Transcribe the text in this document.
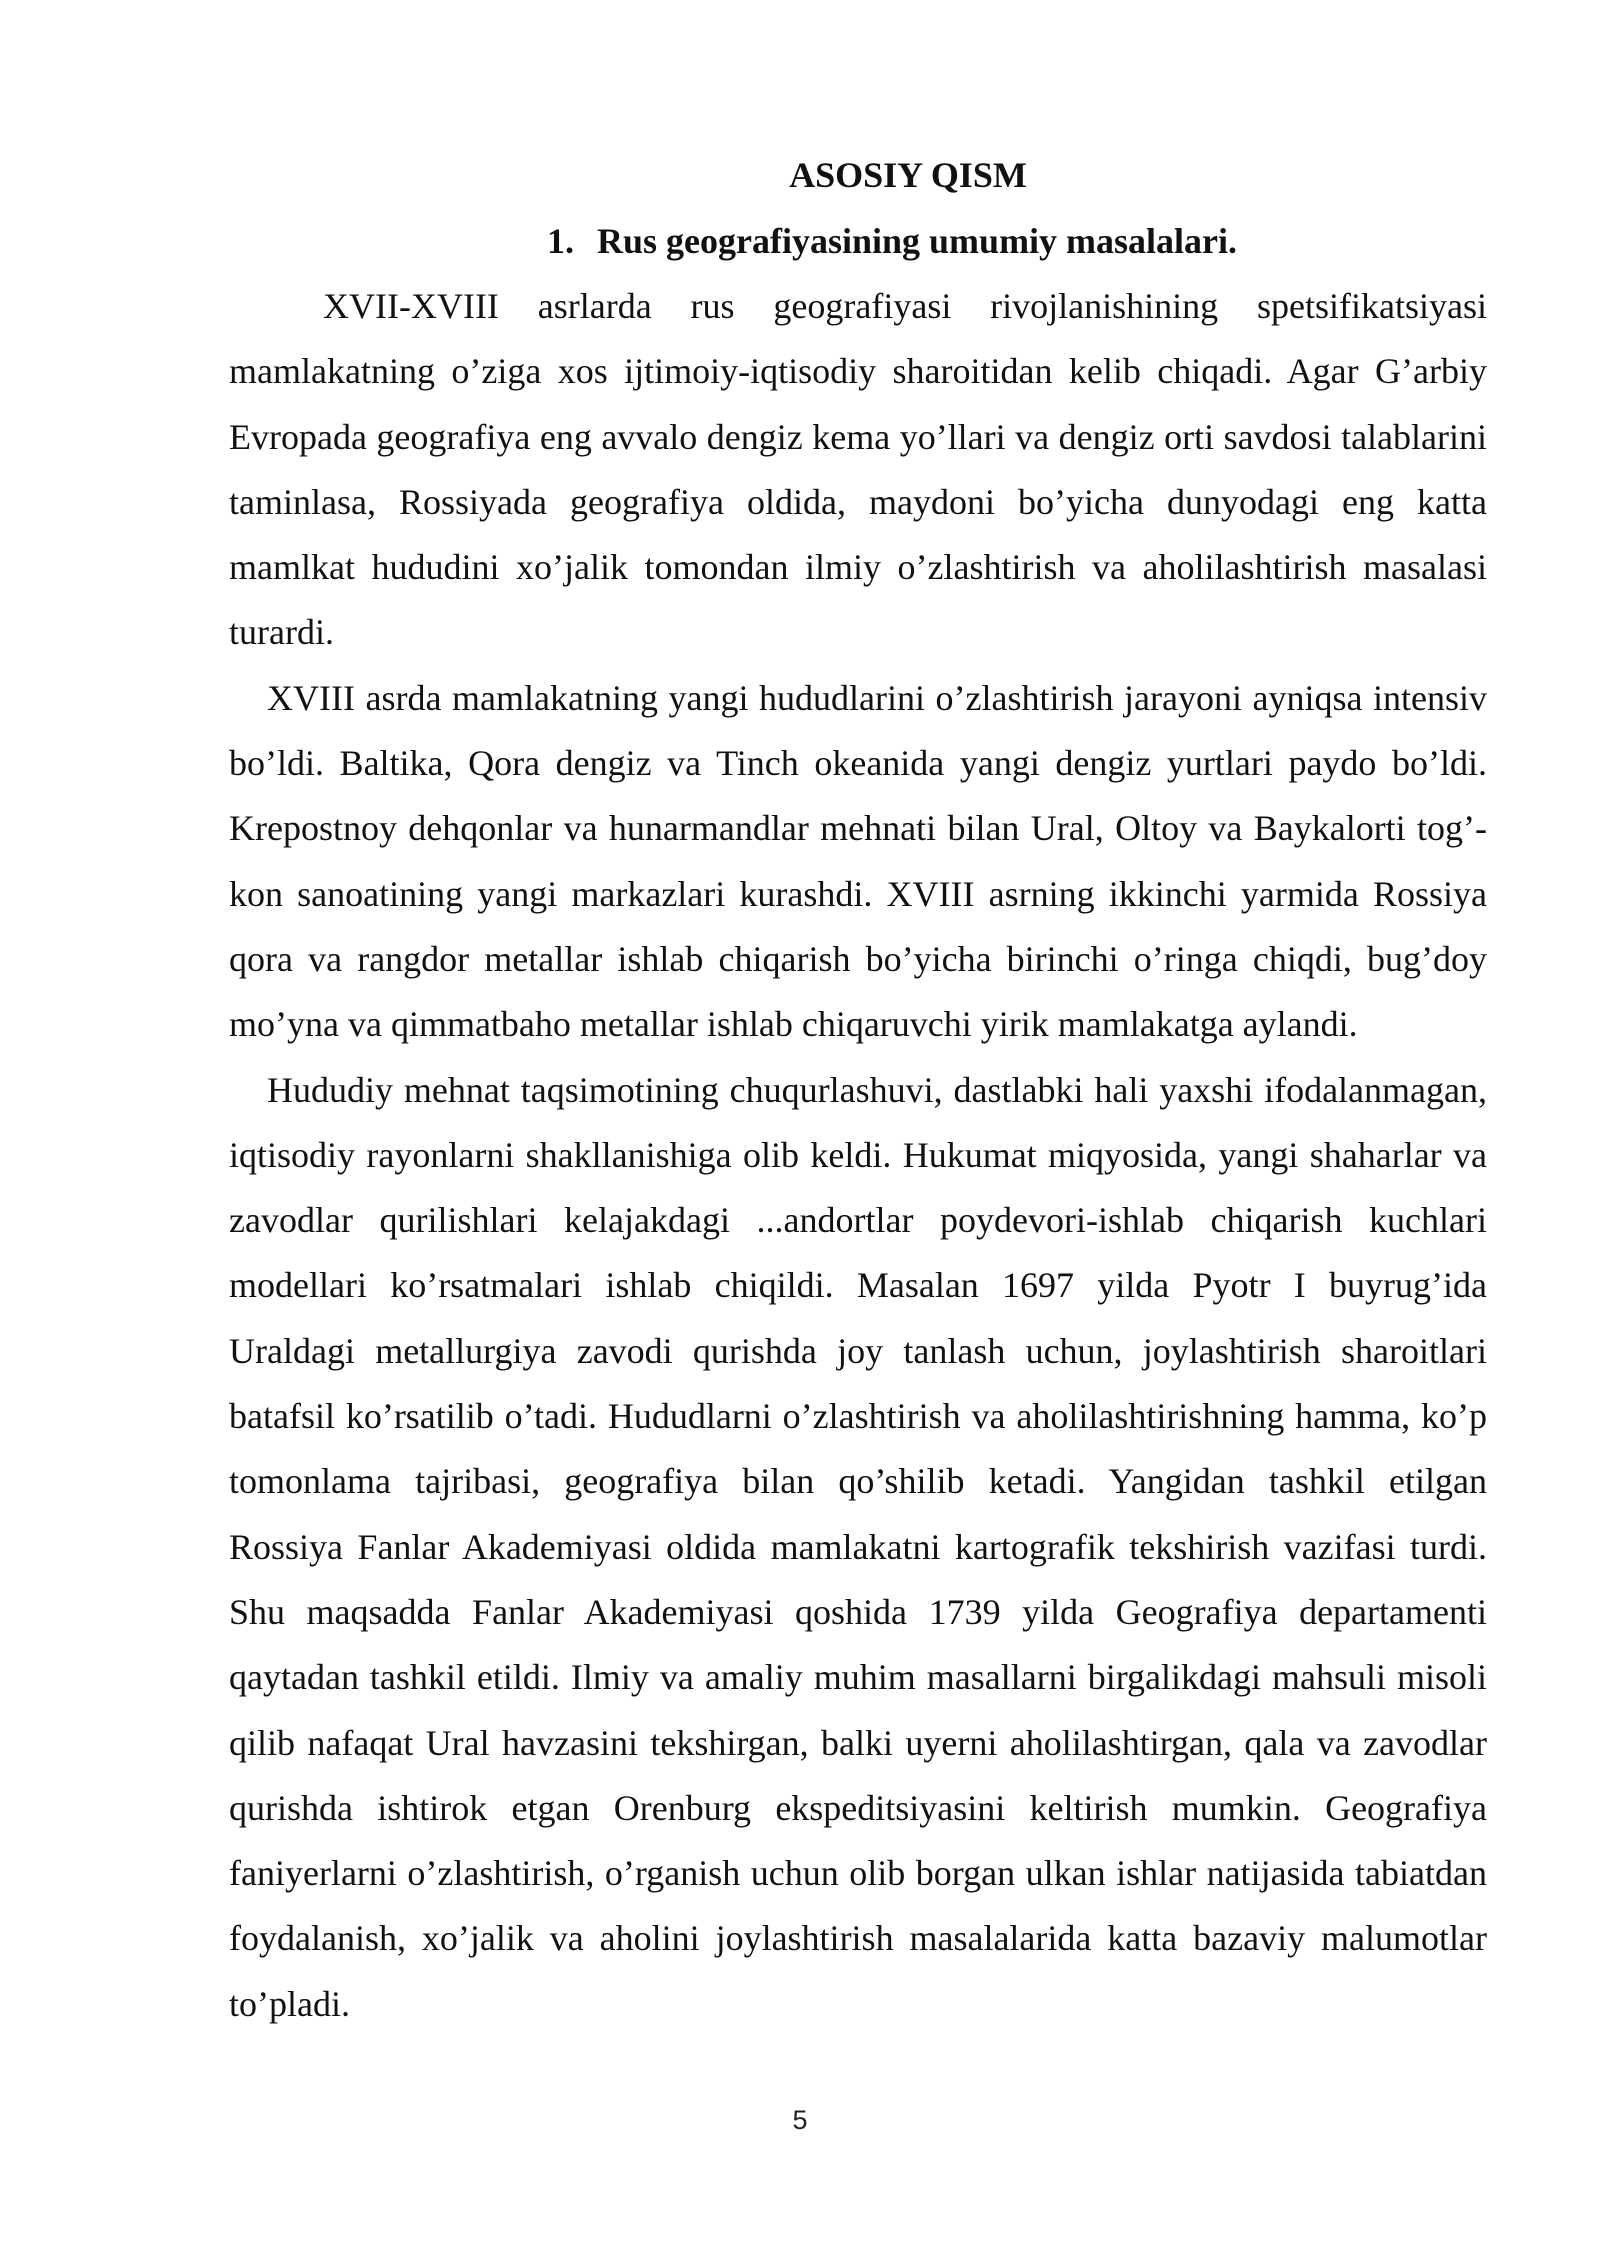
ASOSIY QISM
1. Rus geografiyasining umumiy masalalari.

XVII-XVIII asrlarda rus geografiyasi rivojlanishining spetsifikatsiyasi mamlakatning o’ziga xos ijtimoiy-iqtisodiy sharoitidan kelib chiqadi. Agar G’arbiy Evropada geografiya eng avvalo dengiz kema yo’llari va dengiz orti savdosi talablarini taminlasa, Rossiyada geografiya oldida, maydoni bo’yicha dunyodagi eng katta mamlkat hududini xo’jalik tomondan ilmiy o’zlashtirish va aholilashtirish masalasi turardi.

XVIII asrda mamlakatning yangi hududlarini o’zlashtirish jarayoni ayniqsa intensiv bo’ldi. Baltika, Qora dengiz va Tinch okeanida yangi dengiz yurtlari paydo bo’ldi. Krepostnoy dehqonlar va hunarmandlar mehnati bilan Ural, Oltoy va Baykalorti tog’-kon sanoatining yangi markazlari kurashdi. XVIII asrning ikkinchi yarmida Rossiya qora va rangdor metallar ishlab chiqarish bo’yicha birinchi o’ringa chiqdi, bug’doy mo’yna va qimmatbaho metallar ishlab chiqaruvchi yirik mamlakatga aylandi.

Hududiy mehnat taqsimotining chuqurlashuvi, dastlabki hali yaxshi ifodalanmagan, iqtisodiy rayonlarni shakllanishiga olib keldi. Hukumat miqyosida, yangi shaharlar va zavodlar qurilishlari kelajakdagi ...andortlar poydevori-ishlab chiqarish kuchlari modellari ko’rsatmalari ishlab chiqildi. Masalan 1697 yilda Pyotr I buyrug’ida Uraldagi metallurgiya zavodi qurishda joy tanlash uchun, joylashtirish sharoitlari batafsil ko’rsatilib o’tadi. Hududlarni o’zlashtirish va aholilashtirishning hamma, ko’p tomonlama tajribasi, geografiya bilan qo’shilib ketadi. Yangidan tashkil etilgan Rossiya Fanlar Akademiyasi oldida mamlakatni kartografik tekshirish vazifasi turdi. Shu maqsadda Fanlar Akademiyasi qoshida 1739 yilda Geografiya departamenti qaytadan tashkil etildi. Ilmiy va amaliy muhim masallarni birgalikdagi mahsuli misoli qilib nafaqat Ural havzasini tekshirgan, balki uyerni aholilashtirgan, qala va zavodlar qurishda ishtirok etgan Orenburg ekspeditsiyasini keltirish mumkin. Geografiya faniyerlarni o’zlashtirish, o’rganish uchun olib borgan ulkan ishlar natijasida tabiatdan foydalanish, xo’jalik va aholini joylashtirish masalalarida katta bazaviy malumotlar to’pladi.

5
